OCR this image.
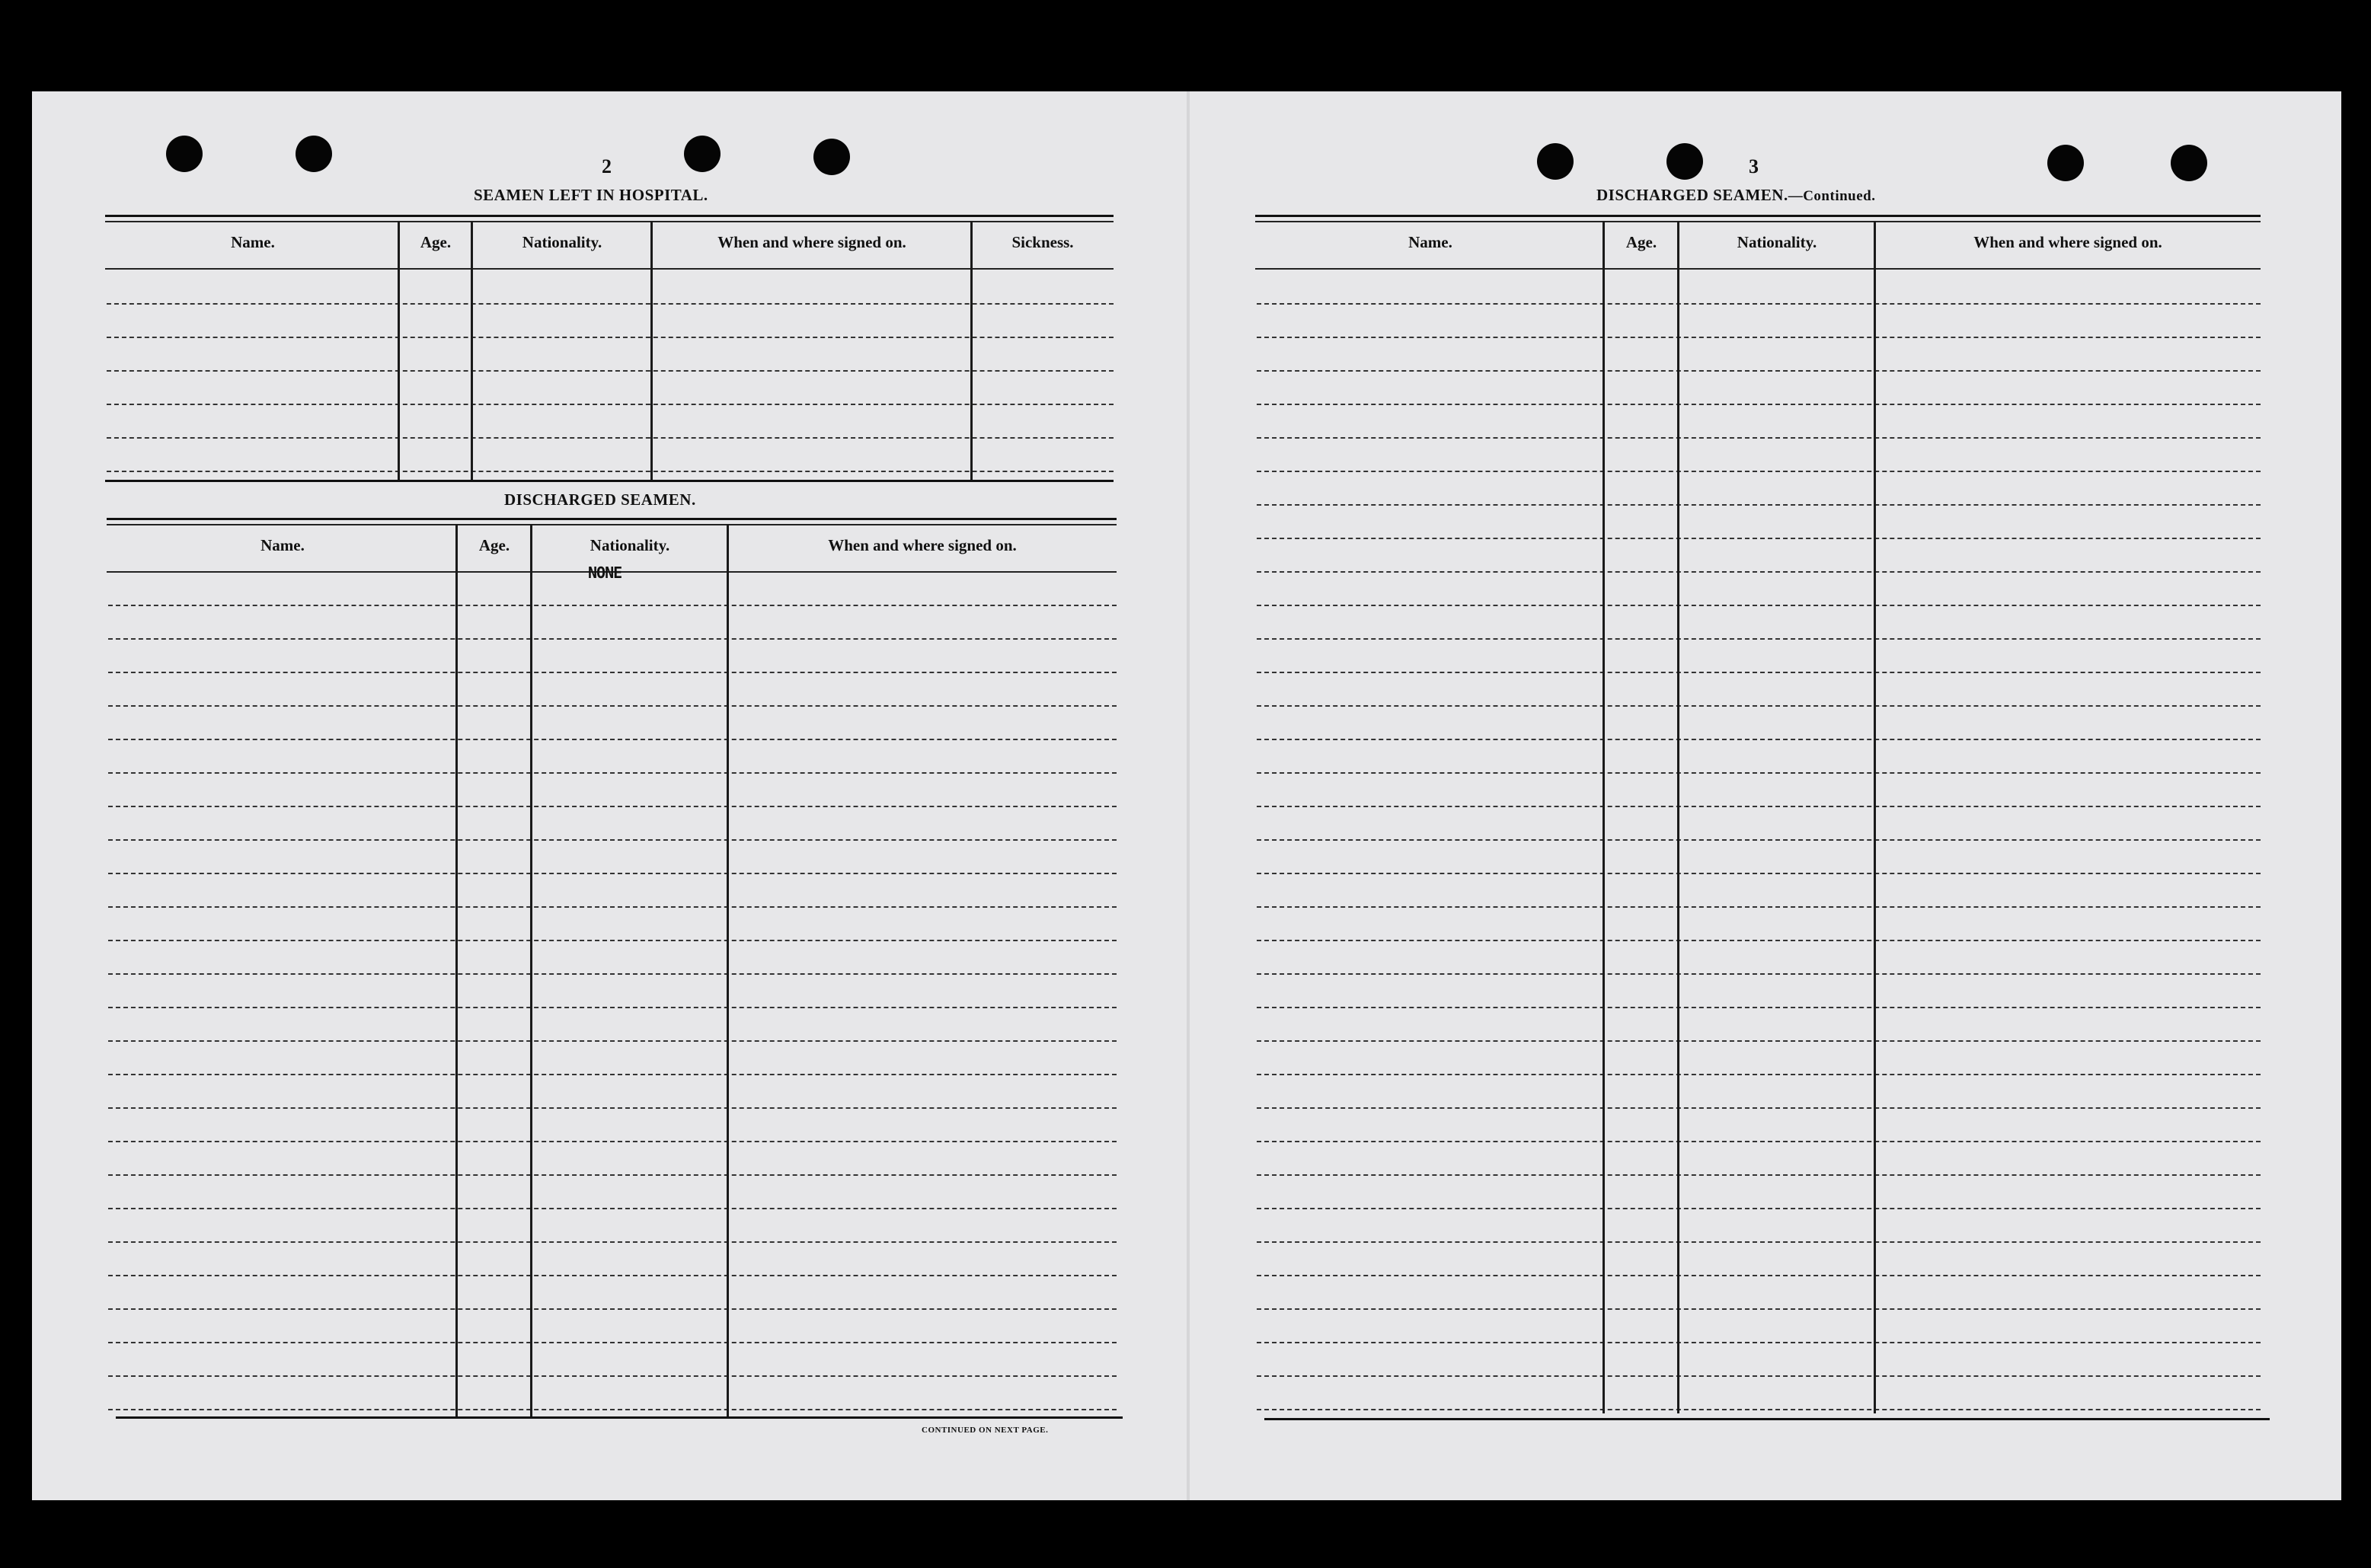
2
SEAMEN LEFT IN HOSPITAL.
Name.	Age.	Nationality.	When and where signed on.	Sickness.
DISCHARGED SEAMEN.
Name.	Age.	Nationality.	When and where signed on.
NONE
CONTINUED ON NEXT PAGE.
3
DISCHARGED SEAMEN.—Continued.
Name.	Age.	Nationality.	When and where signed on.
